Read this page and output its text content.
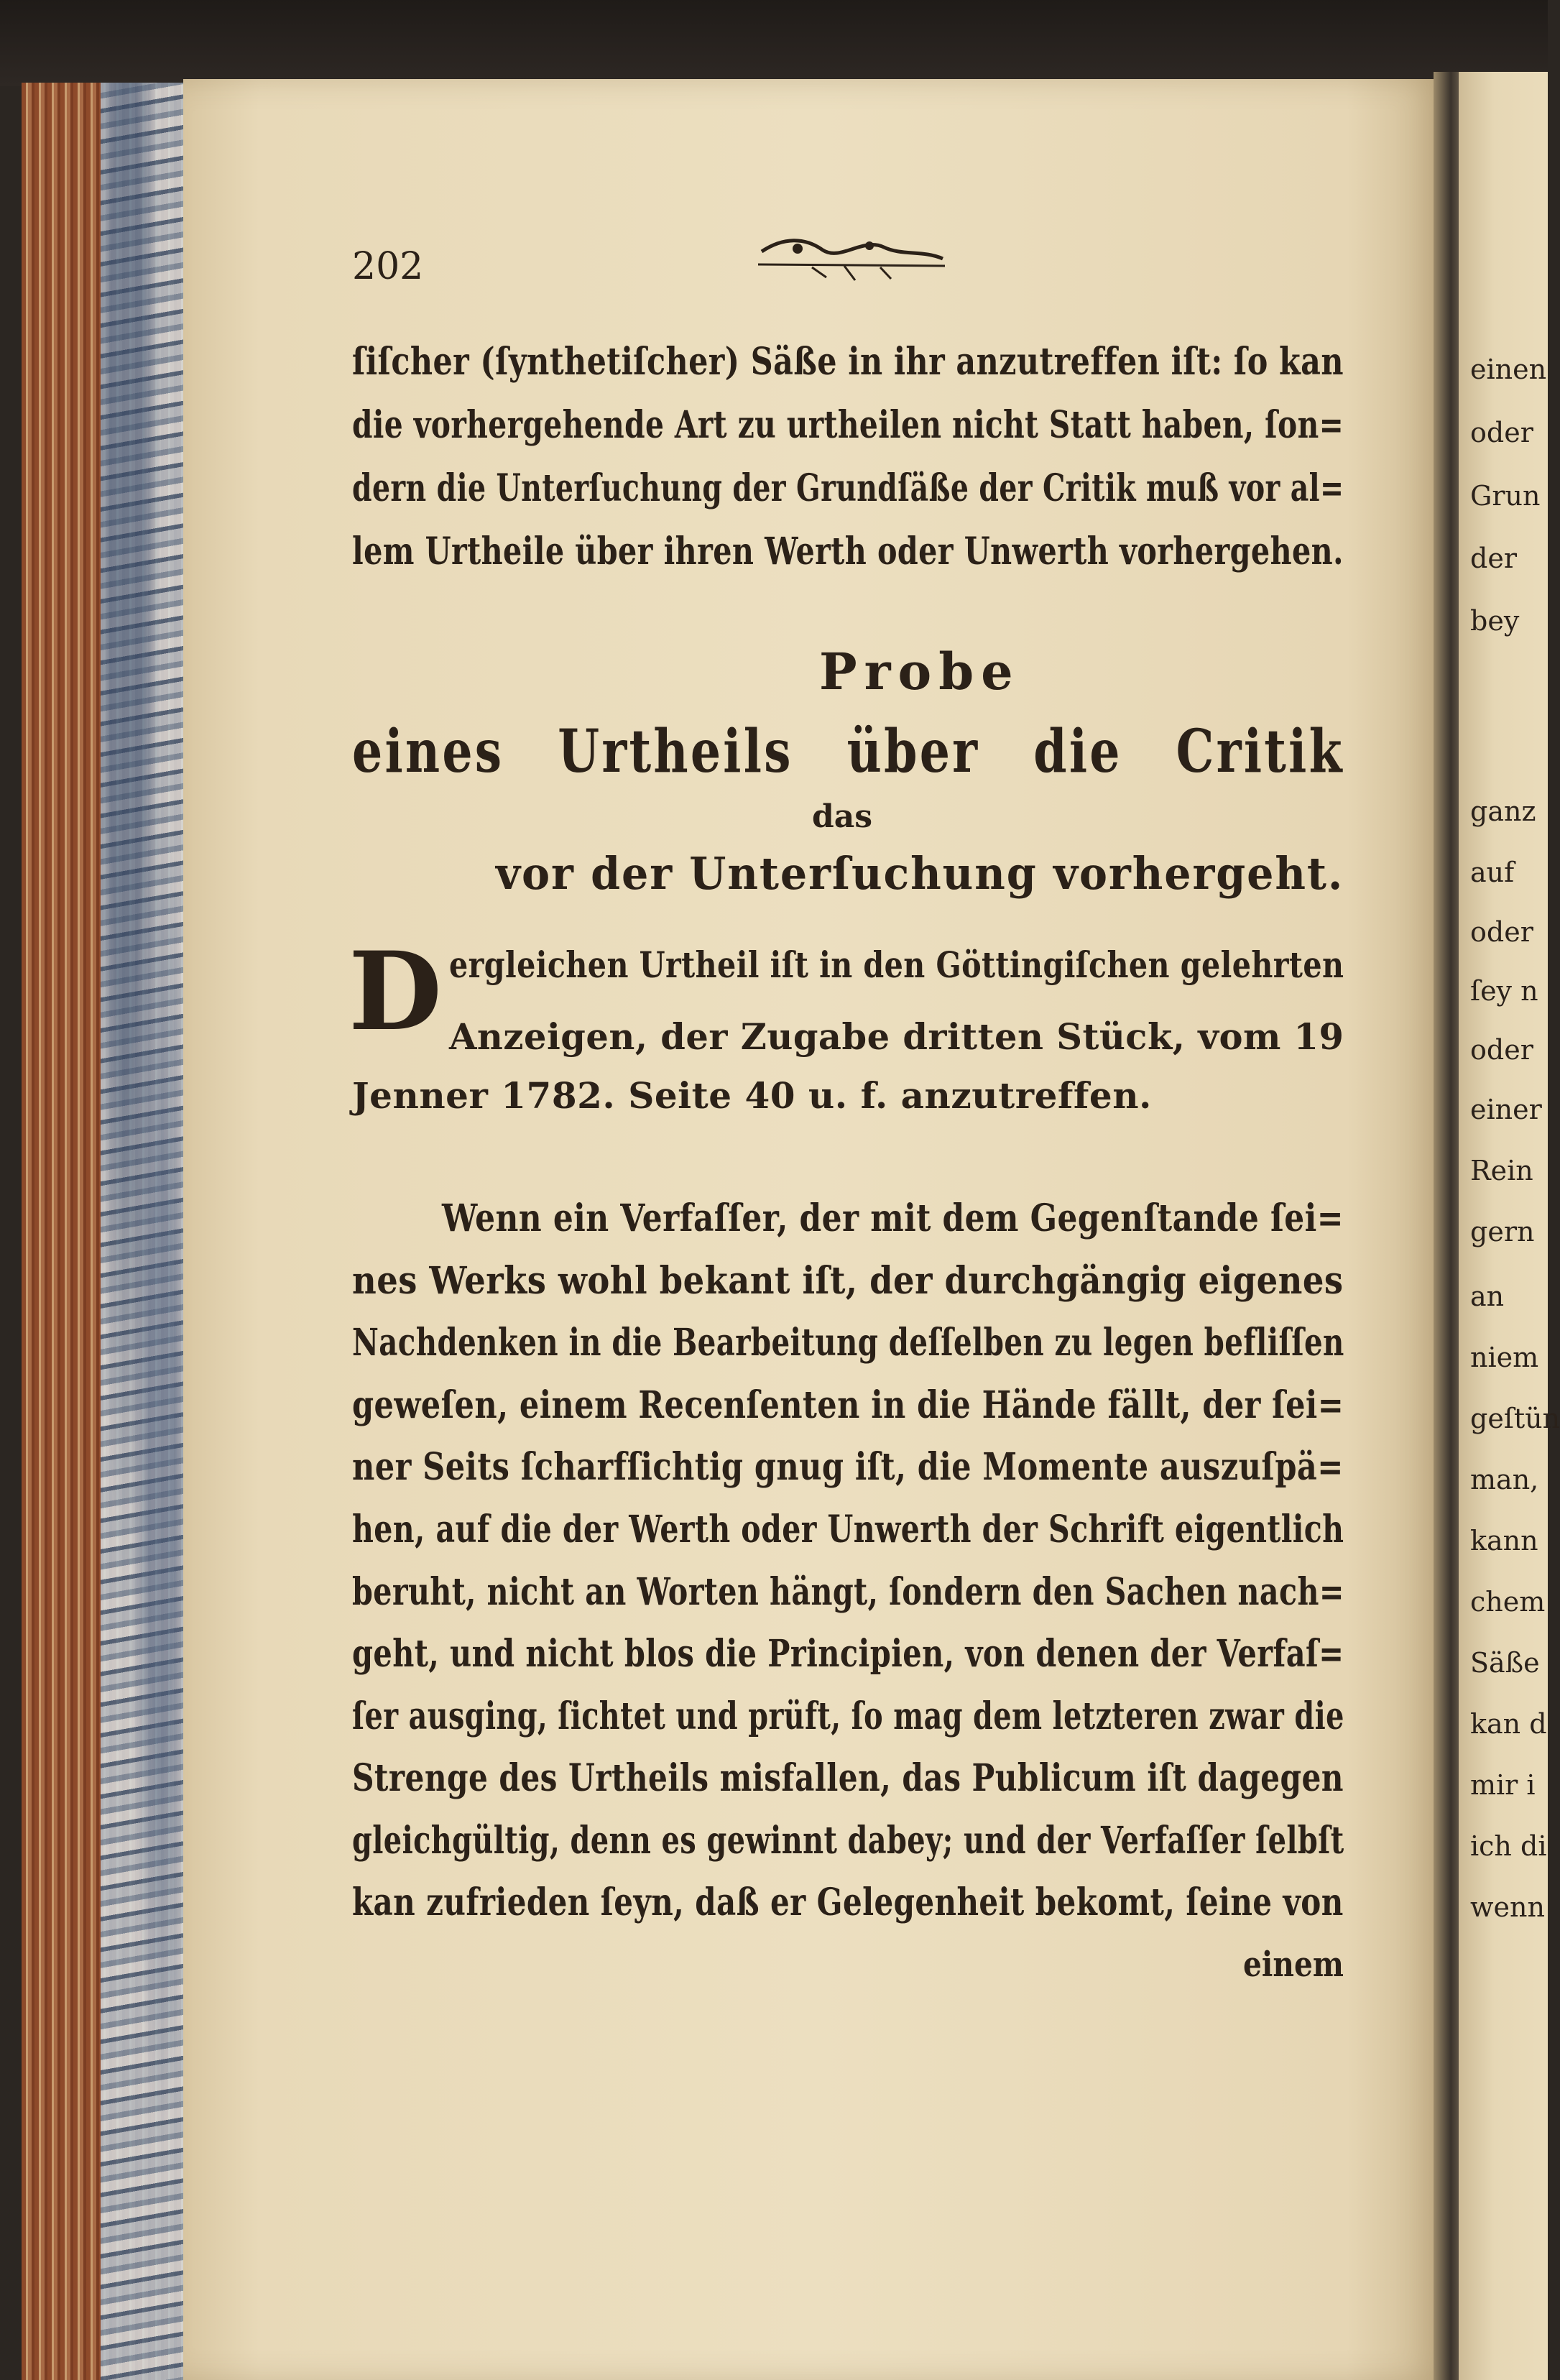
einen
oder
Grun
der
bey
ganz
auf
oder
ſey n
oder
einer
Rein
gern
an
niem
geſtün
man,
kann
chem
Säße
kan d
mir i
ich di
wenn
202
ſiſcher (ſynthetiſcher) Säße in ihr anzutreffen iſt: ſo kan
die vorhergehende Art zu urtheilen nicht Statt haben, ſon=
dern die Unterſuchung der Grundſäße der Critik muß vor al=
lem Urtheile über ihren Werth oder Unwerth vorhergehen.
Probe
eines Urtheils über die Critik
das
vor der Unterſuchung vorhergeht.
D ergleichen Urtheil iſt in den Göttingiſchen gelehrten
Anzeigen, der Zugabe dritten Stück, vom 19
Jenner 1782. Seite 40 u. f. anzutreffen.
Wenn ein Verfaſſer, der mit dem Gegenſtande ſei=
nes Werks wohl bekant iſt, der durchgängig eigenes
Nachdenken in die Bearbeitung deſſelben zu legen befliſſen
geweſen, einem Recenſenten in die Hände fällt, der ſei=
ner Seits ſcharfſichtig gnug iſt, die Momente auszuſpä=
hen, auf die der Werth oder Unwerth der Schrift eigentlich
beruht, nicht an Worten hängt, ſondern den Sachen nach=
geht, und nicht blos die Principien, von denen der Verfaſ=
ſer ausging, ſichtet und prüft, ſo mag dem letzteren zwar die
Strenge des Urtheils misfallen, das Publicum iſt dagegen
gleichgültig, denn es gewinnt dabey; und der Verfaſſer ſelbſt
kan zufrieden ſeyn, daß er Gelegenheit bekomt, ſeine von
einem
